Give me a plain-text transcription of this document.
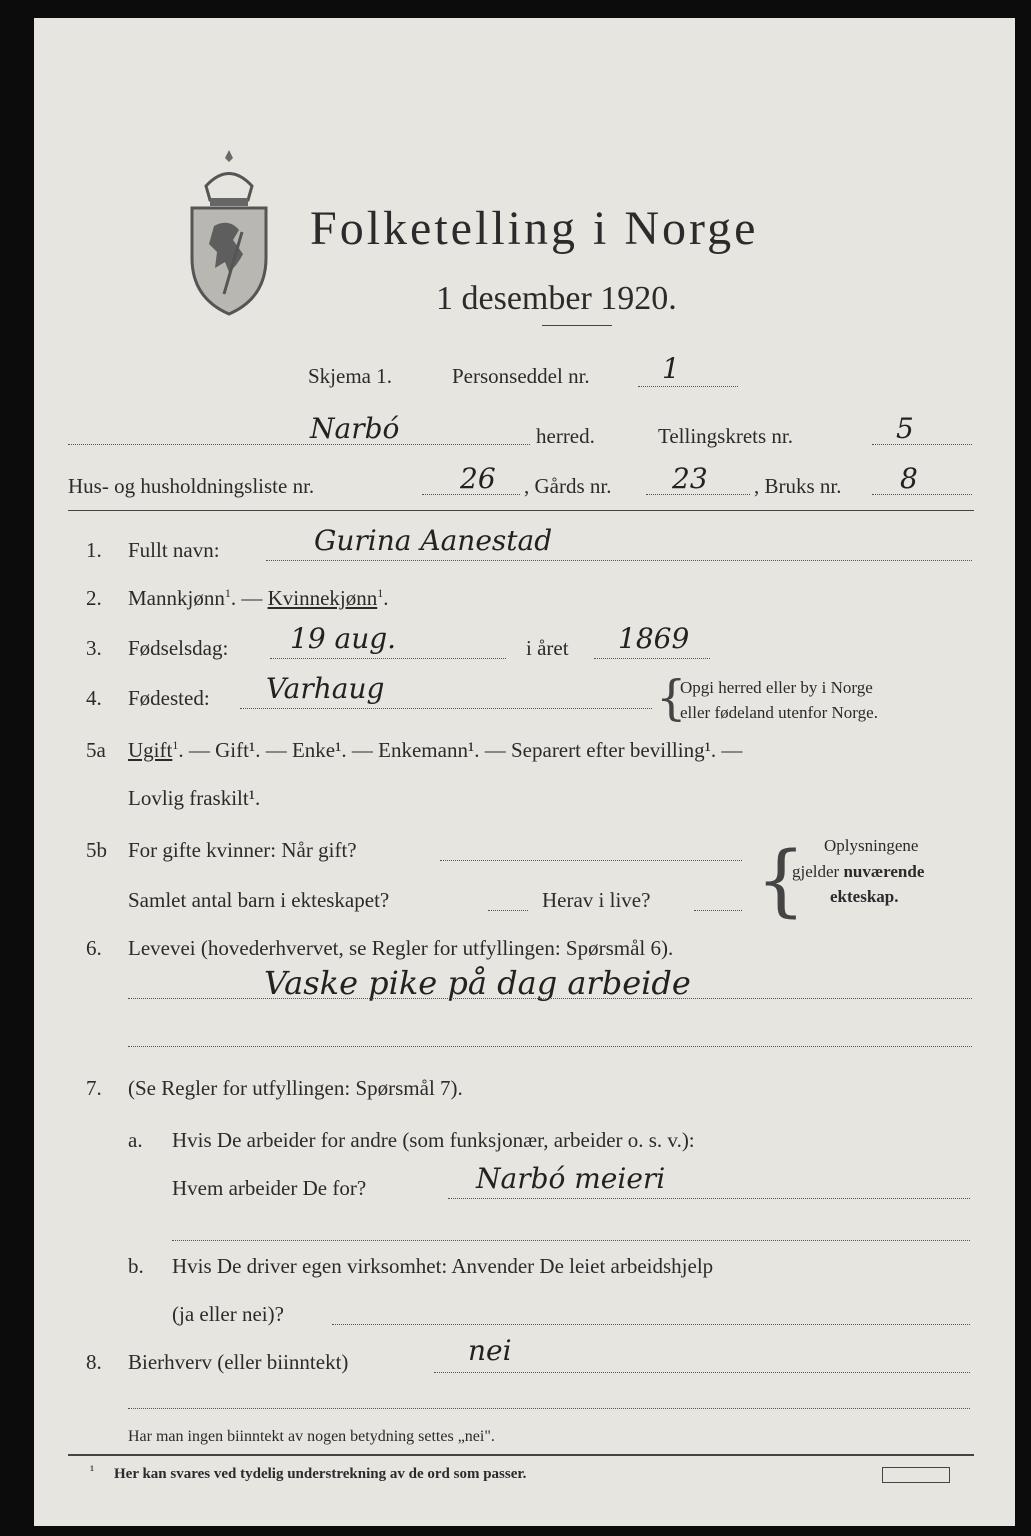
Folketelling i Norge
1 desember 1920.
Skjema 1.	Personseddel nr.	1
Narbó	herred.	Tellingskrets nr.	5
Hus- og husholdningsliste nr.	26 , Gårds nr. 23 , Bruks nr. 8
1. Fullt navn:	Gurina Aanestad
2. Mannkjønn$^1$. — Kvinnekjønn$^1$.
3. Fødselsdag: 19 aug.	i året 1869
4. Fødested: Varhaug	{
Opgi herred eller by i Norge
eller fødeland utenfor Norge.
5a Ugift$^1$. — Gift¹. — Enke¹. — Enkemann¹. — Separert efter bevilling¹. —
Lovlig fraskilt¹.
5b For gifte kvinner: Når gift?
Samlet antal barn i ekteskapet?	Herav i live? { Oplysningene
gjelder nuværende
ekteskap.
6. Levevei (hovederhvervet, se Regler for utfyllingen: Spørsmål 6).
Vaske pike på dag arbeide
7. (Se Regler for utfyllingen: Spørsmål 7).
a. Hvis De arbeider for andre (som funksjonær, arbeider o. s. v.):
Hvem arbeider De for?	Narbó meieri
b. Hvis De driver egen virksomhet: Anvender De leiet arbeidshjelp
(ja eller nei)?
8. Bierhverv (eller biinntekt)	nei
Har man ingen biinntekt av nogen betydning settes „nei".
¹ Her kan svares ved tydelig understrekning av de ord som passer.
